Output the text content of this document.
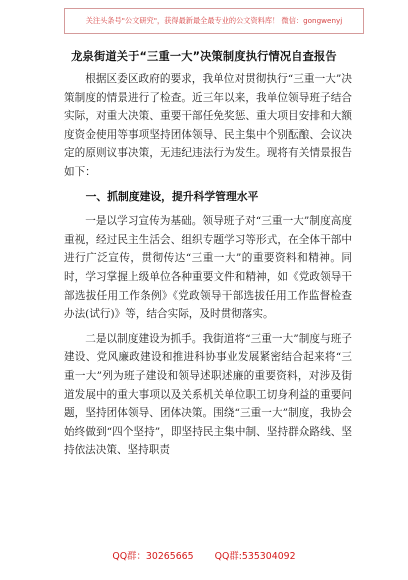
关注头条号"公文研究"，获得最新最全最专业的公文资料库！ 微信：gongwenyj
龙泉街道关于“三重一大”决策制度执行情况自查报告

根据区委区政府的要求，我单位对贯彻执行“三重一大”决策制度的情景进行了检查。近三年以来，我单位领导班子结合实际，对重大决策、重要干部任免奖惩、重大项目安排和大额度资金使用等事项坚持团体领导、民主集中个别酝酿、会议决定的原则议事决策，无违纪违法行为发生。现将有关情景报告如下：

一、抓制度建设，提升科学管理水平

一是以学习宣传为基础。领导班子对“三重一大”制度高度重视，经过民主生活会、组织专题学习等形式，在全体干部中进行广泛宣传，贯彻传达“三重一大”的重要资料和精神。同时，学习掌握上级单位各种重要文件和精神，如《党政领导干部选拔任用工作条例》《党政领导干部选拔任用工作监督检查办法(试行)》等，结合实际，及时贯彻落实。

二是以制度建设为抓手。我街道将“三重一大”制度与班子建设、党风廉政建设和推进科协事业发展紧密结合起来将“三重一大”列为班子建设和领导述职述廉的重要资料，对涉及街道发展中的重大事项以及关系机关单位职工切身利益的重要问题，坚持团体领导、团体决策。围绕“三重一大”制度，我协会始终做到“四个坚持”，即坚持民主集中制、坚持群众路线、坚持依法决策、坚持职责

QQ群：30265665 QQ群:535304092
